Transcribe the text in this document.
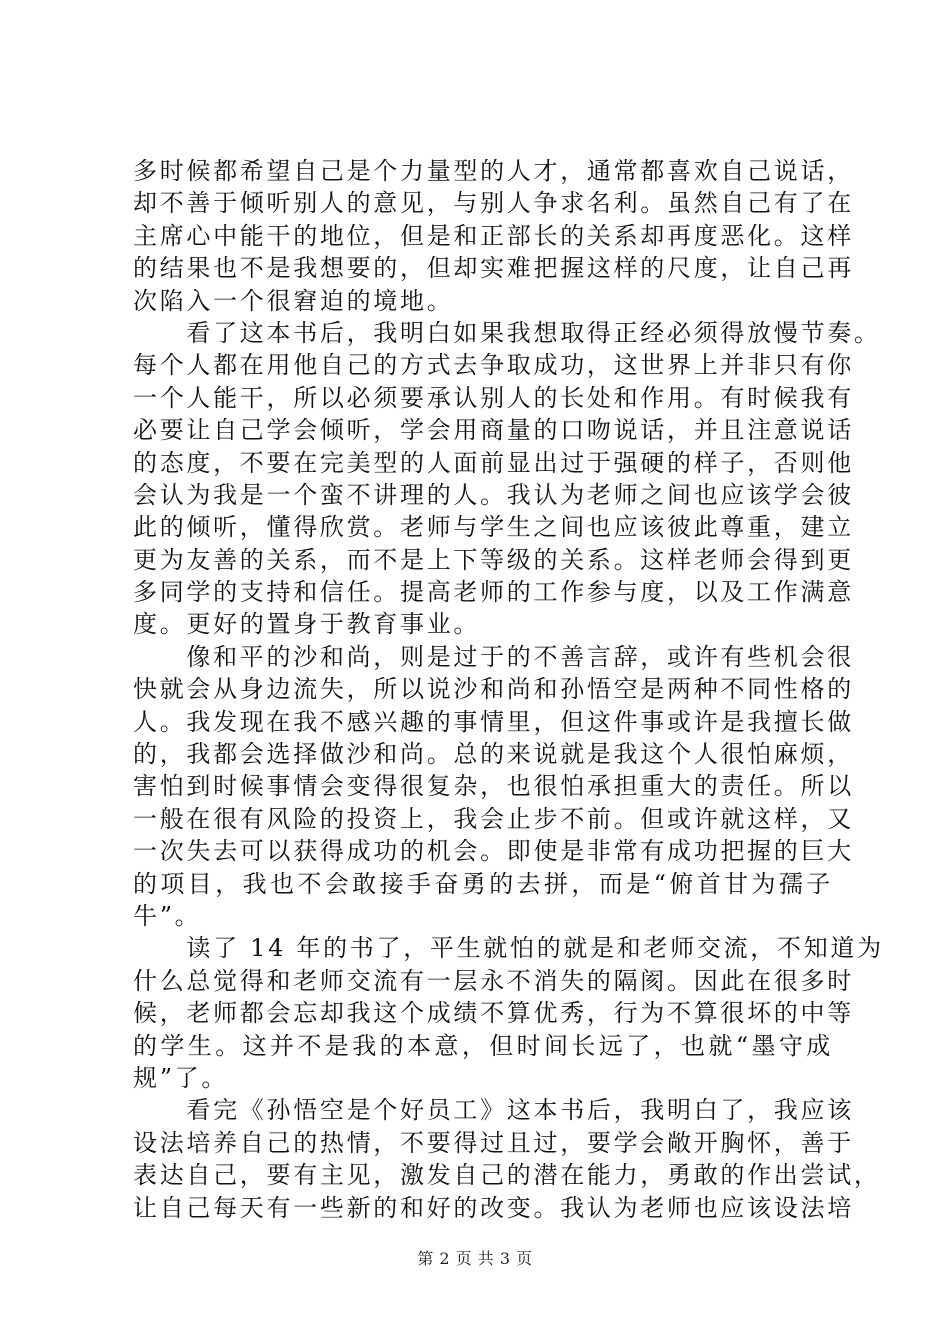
多时候都希望自己是个力量型的人才，通常都喜欢自己说话，
却不善于倾听别人的意见，与别人争求名利。虽然自己有了在
主席心中能干的地位，但是和正部长的关系却再度恶化。这样
的结果也不是我想要的，但却实难把握这样的尺度，让自己再
次陷入一个很窘迫的境地。
　　看了这本书后，我明白如果我想取得正经必须得放慢节奏。
每个人都在用他自己的方式去争取成功，这世界上并非只有你
一个人能干，所以必须要承认别人的长处和作用。有时候我有
必要让自己学会倾听，学会用商量的口吻说话，并且注意说话
的态度，不要在完美型的人面前显出过于强硬的样子，否则他
会认为我是一个蛮不讲理的人。我认为老师之间也应该学会彼
此的倾听，懂得欣赏。老师与学生之间也应该彼此尊重，建立
更为友善的关系，而不是上下等级的关系。这样老师会得到更
多同学的支持和信任。提高老师的工作参与度，以及工作满意
度。更好的置身于教育事业。
　　像和平的沙和尚，则是过于的不善言辞，或许有些机会很
快就会从身边流失，所以说沙和尚和孙悟空是两种不同性格的
人。我发现在我不感兴趣的事情里，但这件事或许是我擅长做
的，我都会选择做沙和尚。总的来说就是我这个人很怕麻烦，
害怕到时候事情会变得很复杂，也很怕承担重大的责任。所以
一般在很有风险的投资上，我会止步不前。但或许就这样，又
一次失去可以获得成功的机会。即使是非常有成功把握的巨大
的项目，我也不会敢接手奋勇的去拼，而是“俯首甘为孺子
牛”。
　　读了 14 年的书了，平生就怕的就是和老师交流，不知道为
什么总觉得和老师交流有一层永不消失的隔阂。因此在很多时
候，老师都会忘却我这个成绩不算优秀，行为不算很坏的中等
的学生。这并不是我的本意，但时间长远了，也就“墨守成
规”了。
　　看完《孙悟空是个好员工》这本书后，我明白了，我应该
设法培养自己的热情，不要得过且过，要学会敞开胸怀，善于
表达自己，要有主见，激发自己的潜在能力，勇敢的作出尝试，
让自己每天有一些新的和好的改变。我认为老师也应该设法培
第 2 页 共 3 页
